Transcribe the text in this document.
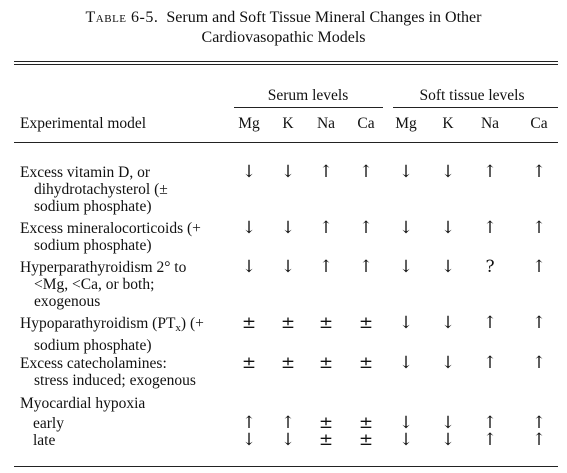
Table 6-5. Serum and Soft Tissue Mineral Changes in Other
Cardiovasopathic Models
Serum levels	Soft tissue levels
Experimental model	Mg K Na Ca Mg K Na Ca
Excess vitamin D, or
dihydrotachysterol (±
sodium phosphate)
↓ ↓ ↑ ↑ ↓ ↓ ↑ ↑
Excess mineralocorticoids (+
sodium phosphate)
↓ ↓ ↑ ↑ ↓ ↓ ↑ ↑
Hyperparathyroidism 2° to
<Mg, <Ca, or both;
exogenous
↓ ↓ ↑ ↑ ↓ ↓ ? ↑
Hypoparathyroidism $(PT_x)$ (+
sodium phosphate)
± ± ± ± ↓ ↓ ↑ ↑
Excess catecholamines:
stress induced; exogenous
± ± ± ± ↓ ↓ ↑ ↑
Myocardial hypoxia
early	↑ ↑ ± ± ↓ ↓ ↑ ↑
late	↓ ↓ ± ± ↓ ↓ ↑ ↑
